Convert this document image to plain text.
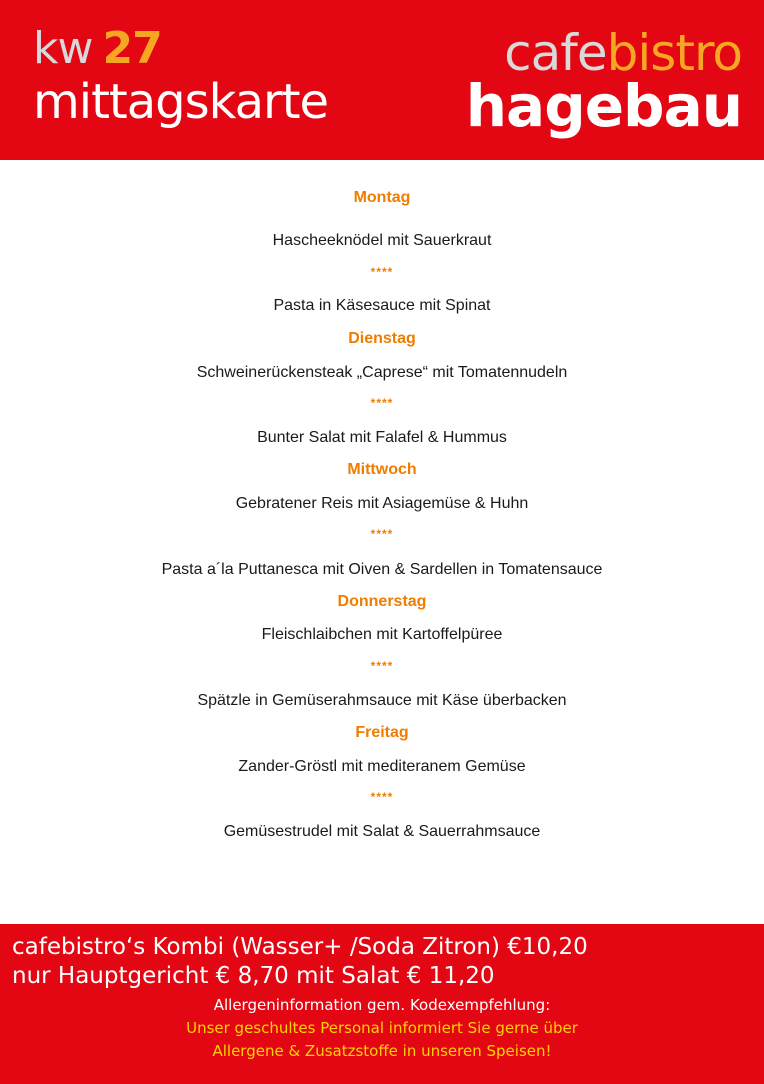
kw 27
mittagskarte
cafebistro
hagebau
Montag
Hascheeknödel mit Sauerkraut
****
Pasta in Käsesauce mit Spinat
Dienstag
Schweinerückensteak „Caprese“ mit Tomatennudeln
****
Bunter Salat mit Falafel & Hummus
Mittwoch
Gebratener Reis mit Asiagemüse & Huhn
****
Pasta a´la Puttanesca mit Oiven & Sardellen in Tomatensauce
Donnerstag
Fleischlaibchen mit Kartoffelpüree
****
Spätzle in Gemüserahmsauce mit Käse überbacken
Freitag
Zander-Gröstl mit mediteranem Gemüse
****
Gemüsestrudel mit Salat & Sauerrahmsauce
cafebistro‘s Kombi (Wasser+ /Soda Zitron) €10,20
nur Hauptgericht € 8,70 mit Salat € 11,20
Allergeninformation gem. Kodexempfehlung:
Unser geschultes Personal informiert Sie gerne über
Allergene & Zusatzstoffe in unseren Speisen!
